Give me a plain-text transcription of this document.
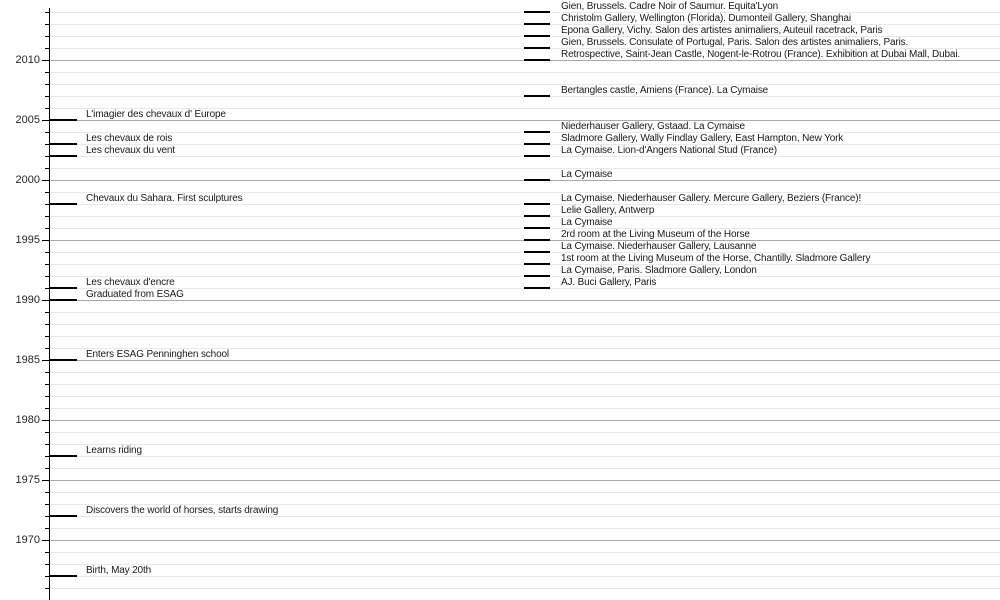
2010
2005
2000
1995
1990
1985
1980
1975
1970
L'imagier des chevaux d' Europe
Les chevaux de rois
Les chevaux du vent
Chevaux du Sahara. First sculptures
Les chevaux d'encre
Graduated from ESAG
Enters ESAG Penninghen school
Learns riding
Discovers the world of horses, starts drawing
Birth, May 20th
Gien, Brussels. Cadre Noir of Saumur. Equita'Lyon
Christolm Gallery, Wellington (Florida). Dumonteil Gallery, Shanghai
Epona Gallery, Vichy. Salon des artistes animaliers, Auteuil racetrack, Paris
Gien, Brussels. Consulate of Portugal, Paris. Salon des artistes animaliers, Paris.
Retrospective, Saint-Jean Castle, Nogent-le-Rotrou (France). Exhibition at Dubai Mall, Dubai.
Bertangles castle, Amiens (France). La Cymaise
Niederhauser Gallery, Gstaad. La Cymaise
Sladmore Gallery, Wally Findlay Gallery, East Hampton, New York
La Cymaise. Lion-d'Angers National Stud (France)
La Cymaise
La Cymaise. Niederhauser Gallery. Mercure Gallery, Beziers (France)!
Lelie Gallery, Antwerp
La Cymaise
2rd room at the Living Museum of the Horse
La Cymaise. Niederhauser Gallery, Lausanne
1st room at the Living Museum of the Horse, Chantilly. Sladmore Gallery
La Cymaise, Paris. Sladmore Gallery, London
AJ. Buci Gallery, Paris
